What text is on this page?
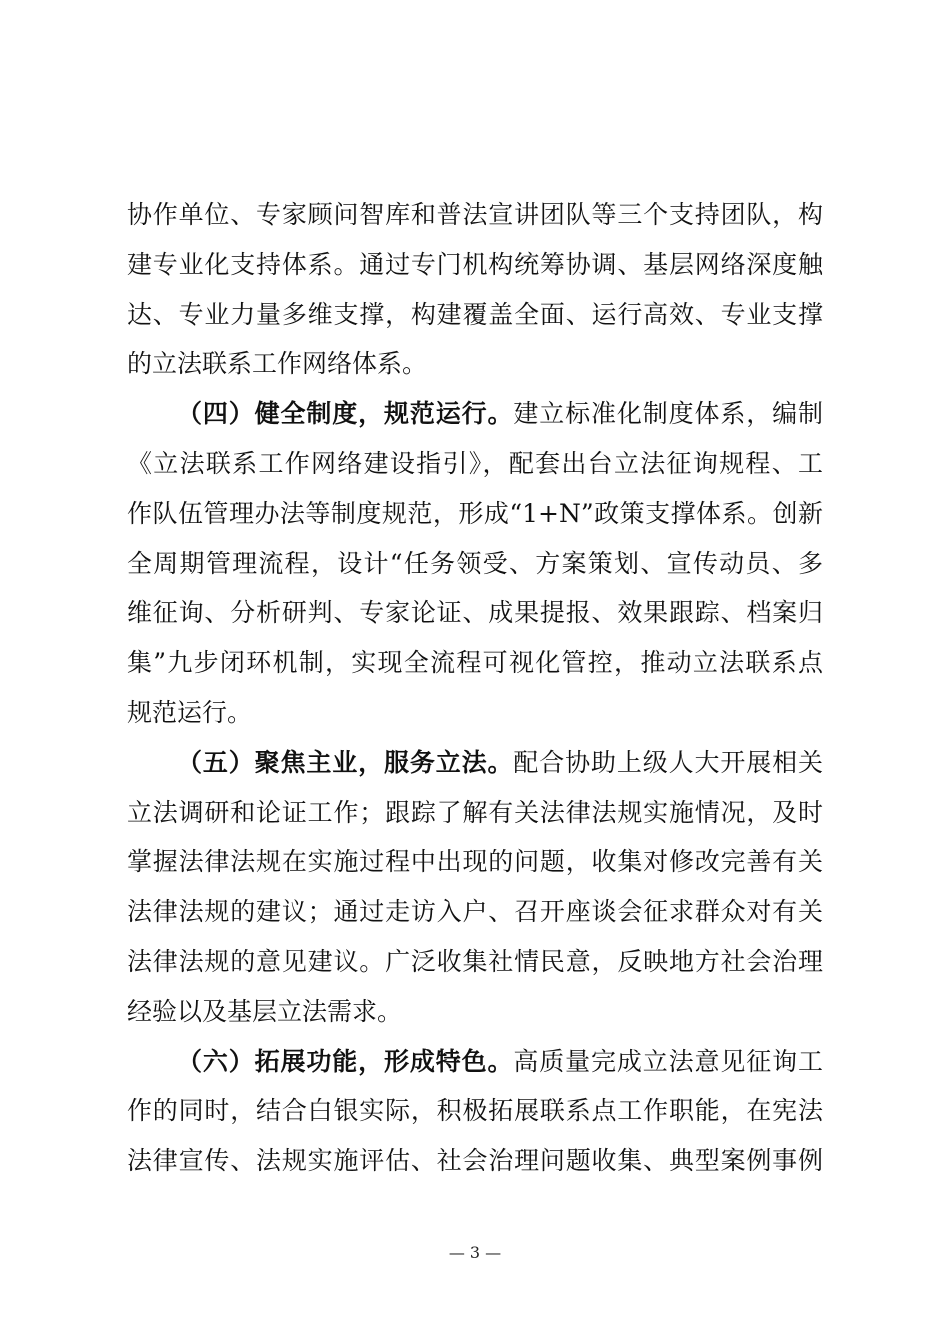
协作单位、专家顾问智库和普法宣讲团队等三个支持团队，构
建专业化支持体系。通过专门机构统筹协调、基层网络深度触
达、专业力量多维支撑，构建覆盖全面、运行高效、专业支撑
的立法联系工作网络体系。
（四）健全制度，规范运行。建立标准化制度体系，编制
《立法联系工作网络建设指引》，配套出台立法征询规程、工
作队伍管理办法等制度规范，形成“1+N”政策支撑体系。创新
全周期管理流程，设计“任务领受、方案策划、宣传动员、多
维征询、分析研判、专家论证、成果提报、效果跟踪、档案归
集”九步闭环机制，实现全流程可视化管控，推动立法联系点
规范运行。
（五）聚焦主业，服务立法。配合协助上级人大开展相关
立法调研和论证工作；跟踪了解有关法律法规实施情况，及时
掌握法律法规在实施过程中出现的问题，收集对修改完善有关
法律法规的建议；通过走访入户、召开座谈会征求群众对有关
法律法规的意见建议。广泛收集社情民意，反映地方社会治理
经验以及基层立法需求。
（六）拓展功能，形成特色。高质量完成立法意见征询工
作的同时，结合白银实际，积极拓展联系点工作职能，在宪法
法律宣传、法规实施评估、社会治理问题收集、典型案例事例
— 3 —
